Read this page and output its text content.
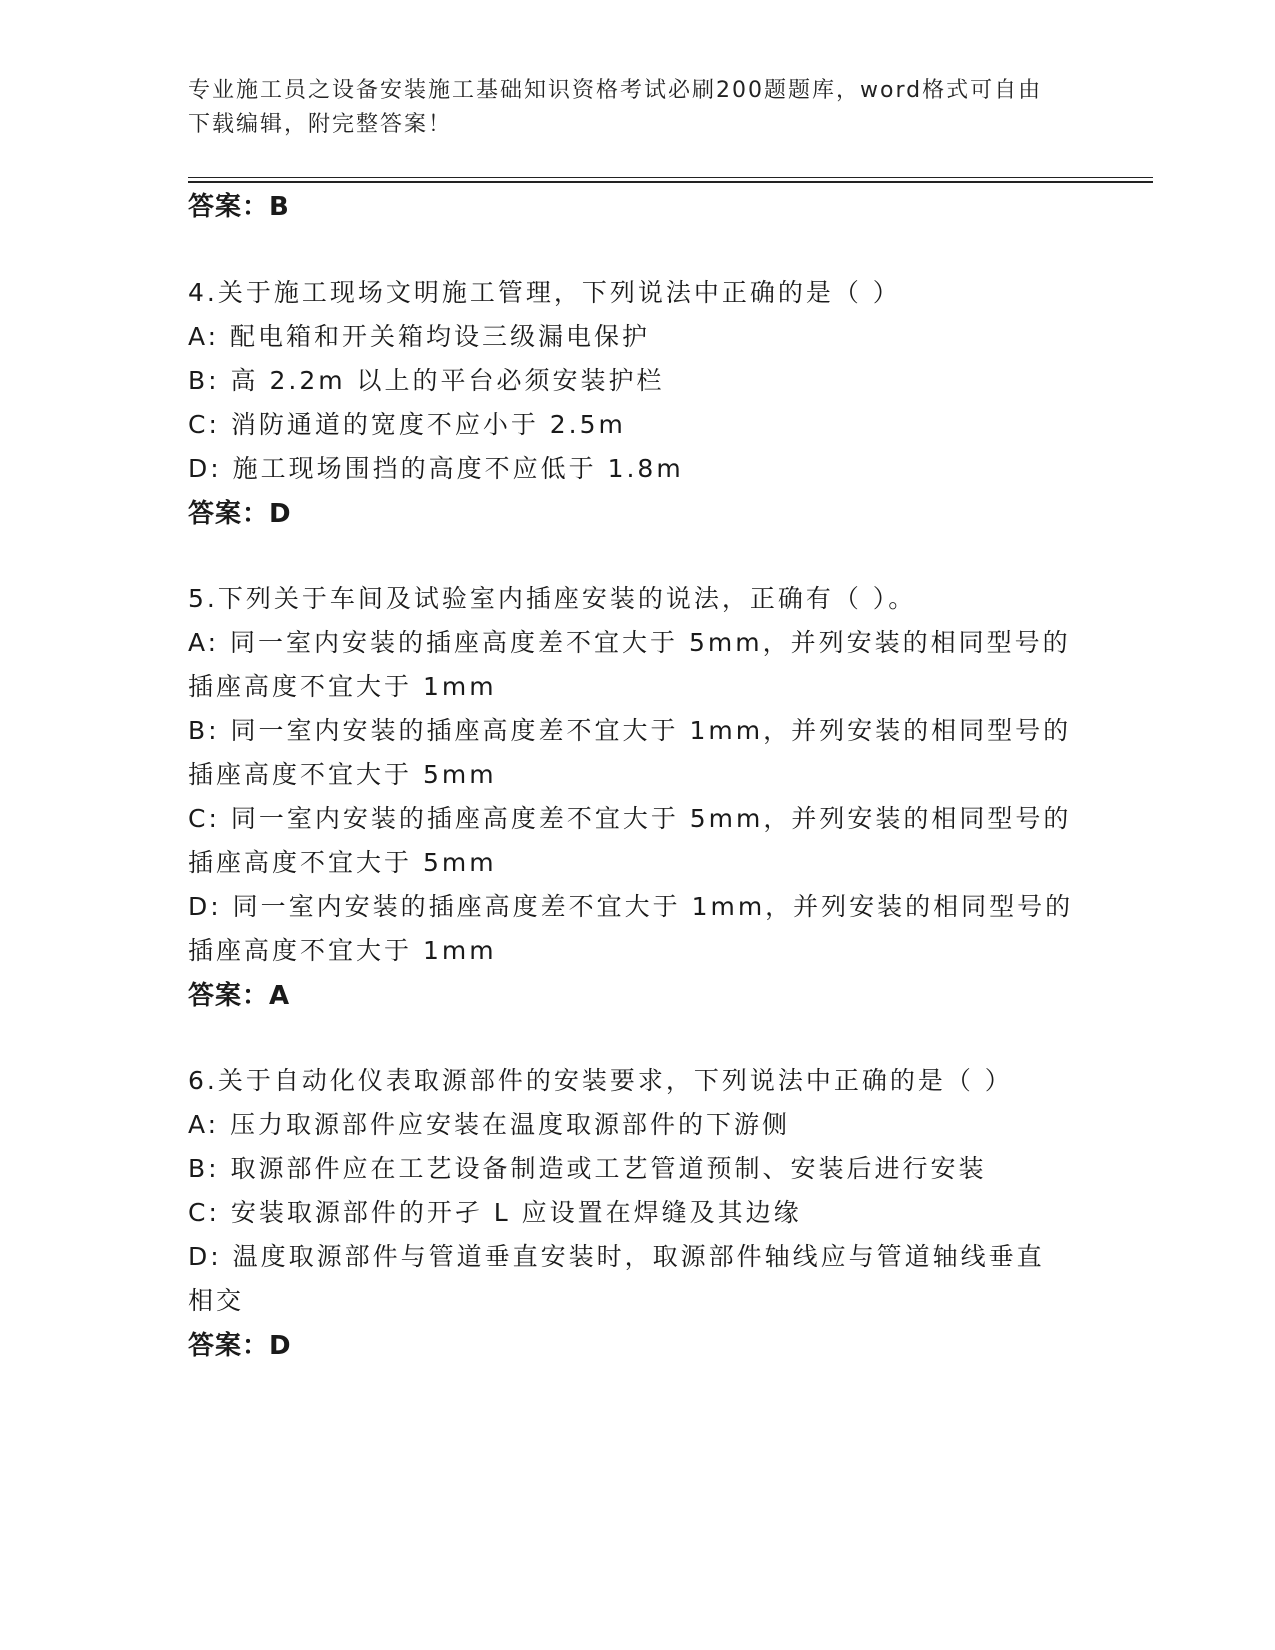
专业施工员之设备安装施工基础知识资格考试必刷200题题库，word格式可自由
下载编辑，附完整答案！
答案：B
4.关于施工现场文明施工管理，下列说法中正确的是（ ）
A: 配电箱和开关箱均设三级漏电保护
B: 高 2.2m 以上的平台必须安装护栏
C: 消防通道的宽度不应小于 2.5m
D: 施工现场围挡的高度不应低于 1.8m
答案：D
5.下列关于车间及试验室内插座安装的说法，正确有（ ）。
A: 同一室内安装的插座高度差不宜大于 5mm，并列安装的相同型号的
插座高度不宜大于 1mm
B: 同一室内安装的插座高度差不宜大于 1mm，并列安装的相同型号的
插座高度不宜大于 5mm
C: 同一室内安装的插座高度差不宜大于 5mm，并列安装的相同型号的
插座高度不宜大于 5mm
D: 同一室内安装的插座高度差不宜大于 1mm，并列安装的相同型号的
插座高度不宜大于 1mm
答案：A
6.关于自动化仪表取源部件的安装要求，下列说法中正确的是（ ）
A: 压力取源部件应安装在温度取源部件的下游侧
B: 取源部件应在工艺设备制造或工艺管道预制、安装后进行安装
C: 安装取源部件的开孑 L 应设置在焊缝及其边缘
D: 温度取源部件与管道垂直安装时，取源部件轴线应与管道轴线垂直
相交
答案：D
